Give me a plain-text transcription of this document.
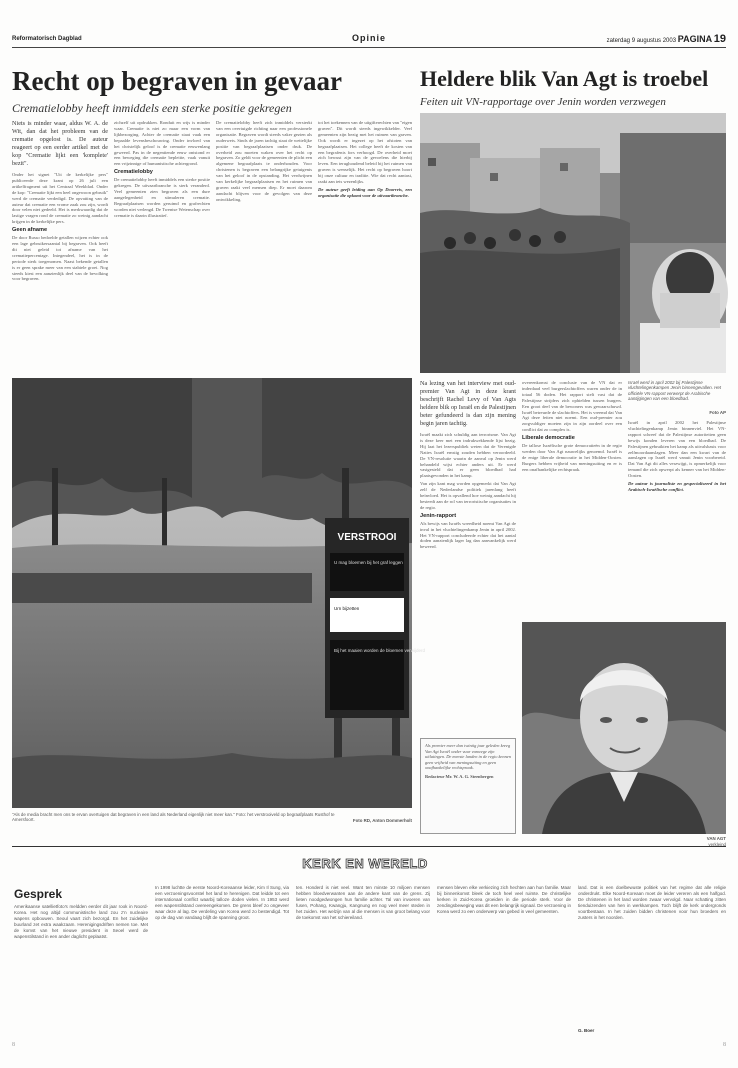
Reformatorisch Dagblad	Opinie	zaterdag 9 augustus 2003 PAGINA 19
Recht op begraven in gevaar
Crematielobby heeft inmiddels een sterke positie gekregen
Niets is minder waar, aldus W. A. de Wit, dan dat het probleem van de crematie opgelost is. De auteur reageert op een eerder artikel met de kop "Crematie lijkt een 'komplete' bezit".

Onder het signet "Uit de kerkelijke pers" publiceerde deze krant op 26 juli een artikelfragment uit het Centraal Weekblad. Onder de kop: "Crematie lijkt een heel ongewoon gebruik" werd de crematie verdedigd. De opvatting van de auteur dat crematie een vrome zaak zou zijn, wordt door velen niet gedeeld. Het is merkwaardig dat de lastige vragen rond de crematie zo weinig aandacht krijgen in de kerkelijke pers.

Geen afname

De door Russo bedoelde getallen wijzen echter ook een lage gebruikersaantal bij begraven. Ook heeft dit niet geleid tot afname van het crematiepercentage. Integendeel, het is in de periode sterk toegenomen. Naast bekende getallen is er geen sprake meer van een stabiele groei. Nog steeds kiest een aanzienlijk deel van de bevolking voor begraven.

zichzelf uit opdrukken. Ronduit en wijs is minder waar. Crematie is niet zo maar een vorm van lijkbezorging. Achter de crematie staat vaak een bepaalde levensbeschouwing. Onder invloed van het christelijk geloof is de crematie eeuwenlang geweerd. Pas in de negentiende eeuw ontstond er een beweging die crematie bepleitte, vaak vanuit een vrijzinnige of humanistische achtergrond.

Crematielobby

De crematielobby heeft inmiddels een sterke positie gekregen. De uitvaartbranche is sterk veranderd. Veel gemeenten zien begraven als een dure aangelegenheid en stimuleren crematie. Begraafplaatsen worden geruimd en grafrechten worden niet verlengd. De Twentse Wetenschap over crematie is daarin illustratief.

De crematielobby heeft zich inmiddels versterkt van een overtuigde richting naar een professionele organisatie. Begraven wordt steeds vaker gezien als ouderwets. Sinds de jaren tachtig staat de wettelijke positie van begraafplaatsen onder druk. De overheid zou moeten waken over het recht op begraven. Zo geldt voor de gemeenten de plicht een algemene begraafplaats te onderhouden. Voor christenen is begraven een belangrijke getuigenis van het geloof in de opstanding. Het verdwijnen van kerkelijke begraafplaatsen en het ruimen van graven raakt veel mensen diep. Er moet daarom aandacht blijven voor de gevolgen van deze ontwikkeling.

tot het toekennen van de uitgifterechten van "eigen graven". Dit wordt steeds ingewikkelder. Veel gemeenten zijn bezig met het ruimen van graven. Ook wordt er ingezet op het afstoten van begraafplaatsen. Het college heeft de kosten van een begrafenis fors verhoogd. De overheid moet zich bewust zijn van de gevoelens die hierbij leven. Een terughoudend beleid bij het ruimen van graven is wenselijk. Het recht op begraven hoort bij onze cultuur en traditie. Wie dat recht aantast, raakt aan iets wezenlijks.

De auteur geeft leiding aan Op Doorreis, een organisatie die opkomt voor de uitvaartbranche.

VERSTROOI
U mag bloemen bij het graf leggen
Urn bijzetten
Bij het maaien worden de bloemen verwijderd
"Als de media bracht men ons te ervan overtuigen dat begraven in een land als Nederland eigenlijk niet meer kan." Foto: het verstrooiveld op begraafplaats Rusthof te Amersfoort.	Foto RD, Anton Dommerholt
Heldere blik Van Agt is troebel
Feiten uit VN-rapportage over Jenin worden verzwegen
Na lezing van het interview met oud-premier Van Agt in deze krant beschrijft Rachel Levy of Van Agts heldere blik op Israël en de Palestijnen beter gefundeerd is dan zijn mening begin jaren tachtig.

Israël maakt zich schuldig aan terrorisme. Van Agt is deze keer met een indrukwekkende lijst bezig. Hij laat het lezerspubliek weten dat de Verenigde Naties Israël ernstig zouden hebben veroordeeld. De VN-resolutie waarin de aanval op Jenin werd behandeld wijst echter anders uit. Er werd vastgesteld dat er geen bloedbad had plaatsgevonden in het kamp.

Van zijn kant mag worden opgemerkt dat Van Agt zelf de Nederlandse politiek jarenlang heeft beïnvloed. Het is opvallend hoe weinig aandacht hij besteedt aan de rol van terroristische organisaties in de regio.

Jenin-rapport

Als bewijs van Israëls wreedheid noemt Van Agt de inval in het vluchtelingenkamp Jenin in april 2002. Het VN-rapport concludeerde echter dat het aantal doden aanzienlijk lager lag dan aanvankelijk werd beweerd.

Als premier meer dan twintig jaar geleden kreeg Van Agt Israël onder vuur vanwege zijn uitlatingen. De meeste landen in de regio kennen geen vrijheid van meningsuiting en geen onafhankelijke rechtspraak.
Redacteur Mr. W. A. G. Steenbergen

overeenkomst de conclusie van de VN dat er inderdaad veel burgerslachtoffers waren onder de in totaal 56 doden. Het rapport stelt vast dat de Palestijnse strijders zich ophielden tussen burgers. Een groot deel van de bewoners was gewaarschuwd. Israël betreurde de slachtoffers. Het is vreemd dat Van Agt deze feiten niet noemt. Een oud-premier zou zorgvuldiger moeten zijn in zijn oordeel over een conflict dat zo complex is.

Liberale democratie

De tallose Israëlische grote democratieën in de regio werden door Van Agt nauwelijks genoemd. Israël is de enige liberale democratie in het Midden-Oosten. Burgers hebben vrijheid van meningsuiting en er is een onafhankelijke rechtspraak.

Israël werd in april 2002 bij Palestijnse vluchtelingenkampen Jenin binnengevallen. Het officiële VN-rapport verwerpt de Arabische aantijgingen van een bloedbad.
Foto AP

Israël in april 2002 het Palestijnse vluchtelingenkamp Jenin binnenviel. Het VN-rapport schreef dat de Palestijnse autoriteiten geen bewijs konden leveren van een bloedbad. De Palestijnen gebruikten het kamp als uitvalsbasis voor zelfmoordaanslagen. Meer dan een kwart van de aanslagen op Israël werd vanuit Jenin voorbereid. Dat Van Agt dit alles verzwijgt, is opmerkelijk voor iemand die zich opwerpt als kenner van het Midden-Oosten.

De auteur is journaliste en gespecialiseerd in het Arabisch-Israëlische conflict.

VAN AGT
verkleind
KERK EN WERELD
Gesprek
Amerikaanse satellietfoto's meldden eerder dit jaar rook in Noord-Korea. Het nog altijd communistische land zou z'n nucleaire wapens opbouwen. Seoul vaart zich bezorgd. En het zuidelijke buurland zet extra waakzaam. Herenigingsdriften nemen toe. Met de komst van het nieuwe president in Seoel werd de wapenstilstand in een ander daglicht geplaatst.
In 1998 luchtte de eerste Noord-Koreaanse leider, Kim Il Sung, via een verzoeningsvoorstel het land te herenigen. Dat leidde tot een internationaal conflict waarbij talloze doden vielen. In 1953 werd een wapenstilstand overeengekomen. De grens bleef zo ongeveer waar deze al lag. De verdeling van Korea werd zo bestendigd. Tot op de dag van vandaag blijft de spanning groot.
ten. Honderd is niet veel. Want ten minste 10 miljoen mensen hebben bloedverwanten aan de andere kant van de grens. Zij lieten noodgedwongen hun familie achter. Tal van invoeren van fusen, Pohang, Kwangju, Kangnung en nog veel meer steden in het zuiden. Het welzijn van al die mensen is van groot belang voor de toekomst van het schiereiland.
mensen bleven elke verkiezing zich hechten aan hun familie. Maar bij binnenkomst bleek de toch heel veel ruimte. De christelijke kerken in Zuid-Korea groeiden in die periode sterk. Voor de zendingsbeweging was dit een belangrijk signaal. De verzoening in Korea werd zo een onderwerp van gebed in veel gemeenten.
land. Dat is een doelbewuste politiek van het regime dat alle religie onderdrukt. Elke Noord-Koreaan moet de leider vereren als een halfgod. De christenen in het land worden zwaar vervolgd. Naar schatting zitten tienduizenden van hen in werkkampen. Toch blijft de kerk ondergronds voortbestaan. In het zuiden bidden christenen voor hun broeders en zusters in het noorden.
G. Boer
8	8
